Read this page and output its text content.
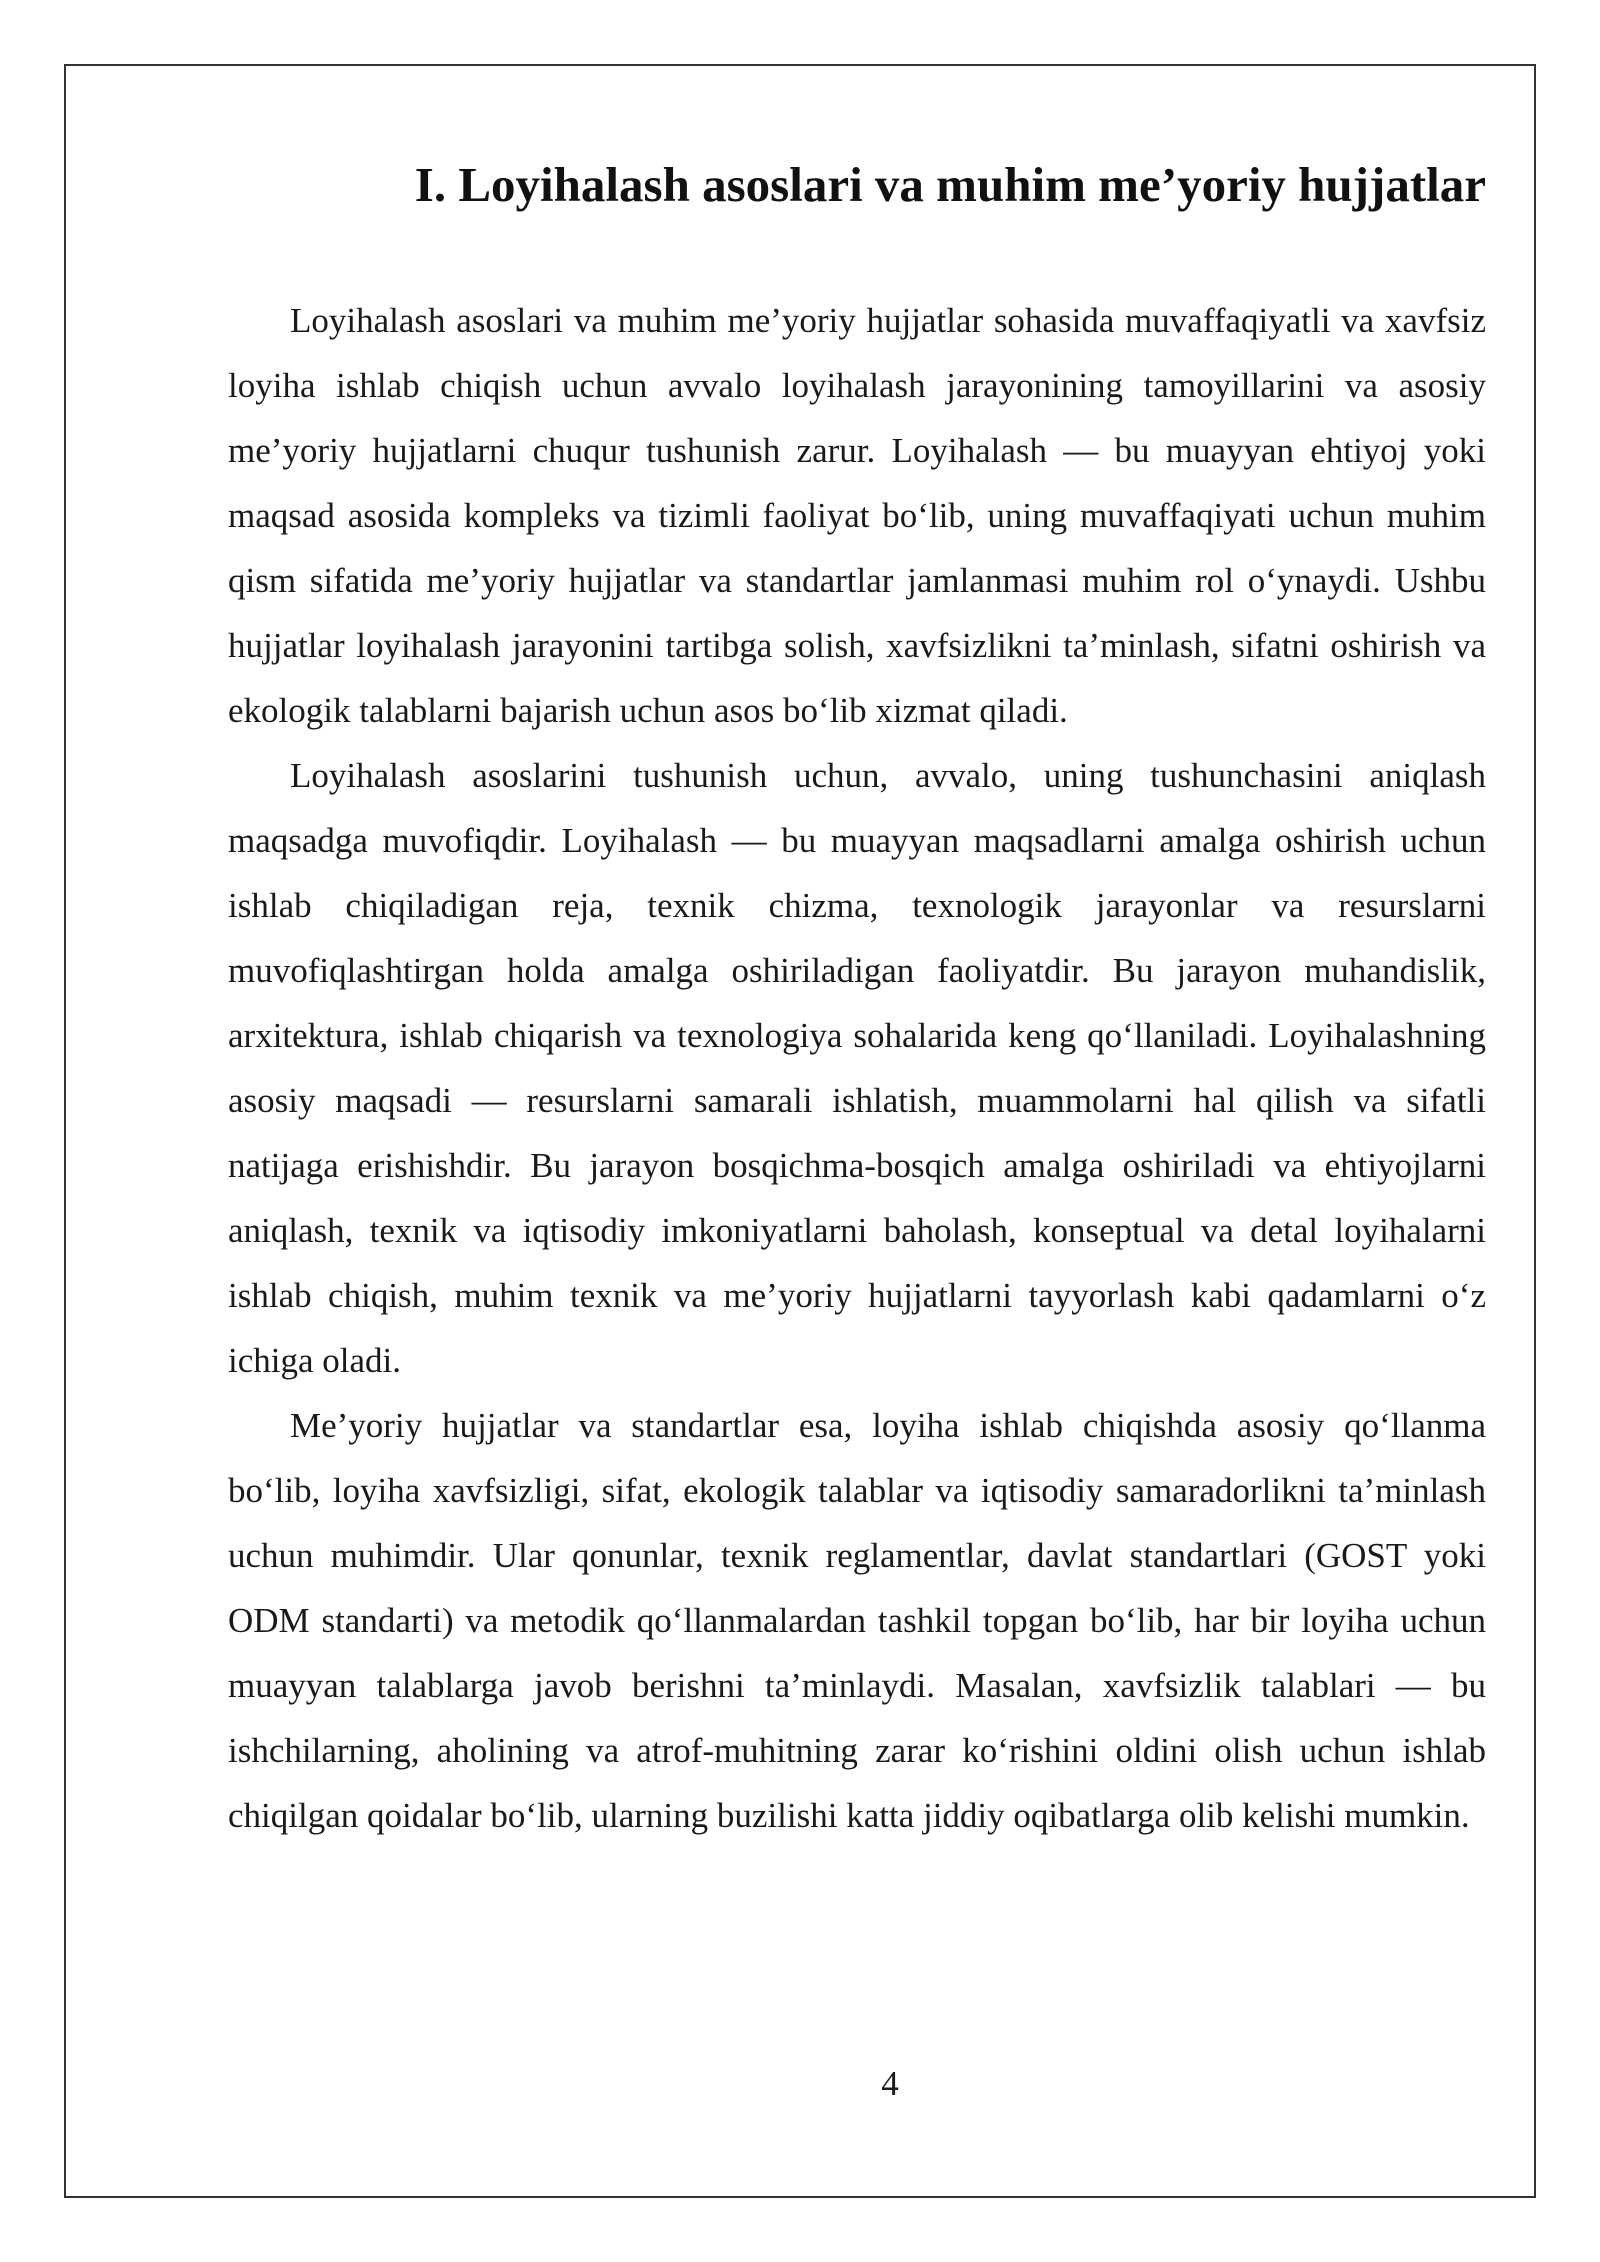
I. Loyihalash asoslari va muhim me’yoriy hujjatlar

Loyihalash asoslari va muhim me’yoriy hujjatlar sohasida muvaffaqiyatli va xavfsiz loyiha ishlab chiqish uchun avvalo loyihalash jarayonining tamoyillarini va asosiy me’yoriy hujjatlarni chuqur tushunish zarur. Loyihalash — bu muayyan ehtiyoj yoki maqsad asosida kompleks va tizimli faoliyat bo‘lib, uning muvaffaqiyati uchun muhim qism sifatida me’yoriy hujjatlar va standartlar jamlanmasi muhim rol o‘ynaydi. Ushbu hujjatlar loyihalash jarayonini tartibga solish, xavfsizlikni ta’minlash, sifatni oshirish va ekologik talablarni bajarish uchun asos bo‘lib xizmat qiladi.

Loyihalash asoslarini tushunish uchun, avvalo, uning tushunchasini aniqlash maqsadga muvofiqdir. Loyihalash — bu muayyan maqsadlarni amalga oshirish uchun ishlab chiqiladigan reja, texnik chizma, texnologik jarayonlar va resurslarni muvofiqlashtirgan holda amalga oshiriladigan faoliyatdir. Bu jarayon muhandislik, arxitektura, ishlab chiqarish va texnologiya sohalarida keng qo‘llaniladi. Loyihalashning asosiy maqsadi — resurslarni samarali ishlatish, muammolarni hal qilish va sifatli natijaga erishishdir. Bu jarayon bosqichma-bosqich amalga oshiriladi va ehtiyojlarni aniqlash, texnik va iqtisodiy imkoniyatlarni baholash, konseptual va detal loyihalarni ishlab chiqish, muhim texnik va me’yoriy hujjatlarni tayyorlash kabi qadamlarni o‘z ichiga oladi.

Me’yoriy hujjatlar va standartlar esa, loyiha ishlab chiqishda asosiy qo‘llanma bo‘lib, loyiha xavfsizligi, sifat, ekologik talablar va iqtisodiy samaradorlikni ta’minlash uchun muhimdir. Ular qonunlar, texnik reglamentlar, davlat standartlari (GOST yoki ODM standarti) va metodik qo‘llanmalardan tashkil topgan bo‘lib, har bir loyiha uchun muayyan talablarga javob berishni ta’minlaydi. Masalan, xavfsizlik talablari — bu ishchilarning, aholining va atrof-muhitning zarar ko‘rishini oldini olish uchun ishlab chiqilgan qoidalar bo‘lib, ularning buzilishi katta jiddiy oqibatlarga olib kelishi mumkin.

4
